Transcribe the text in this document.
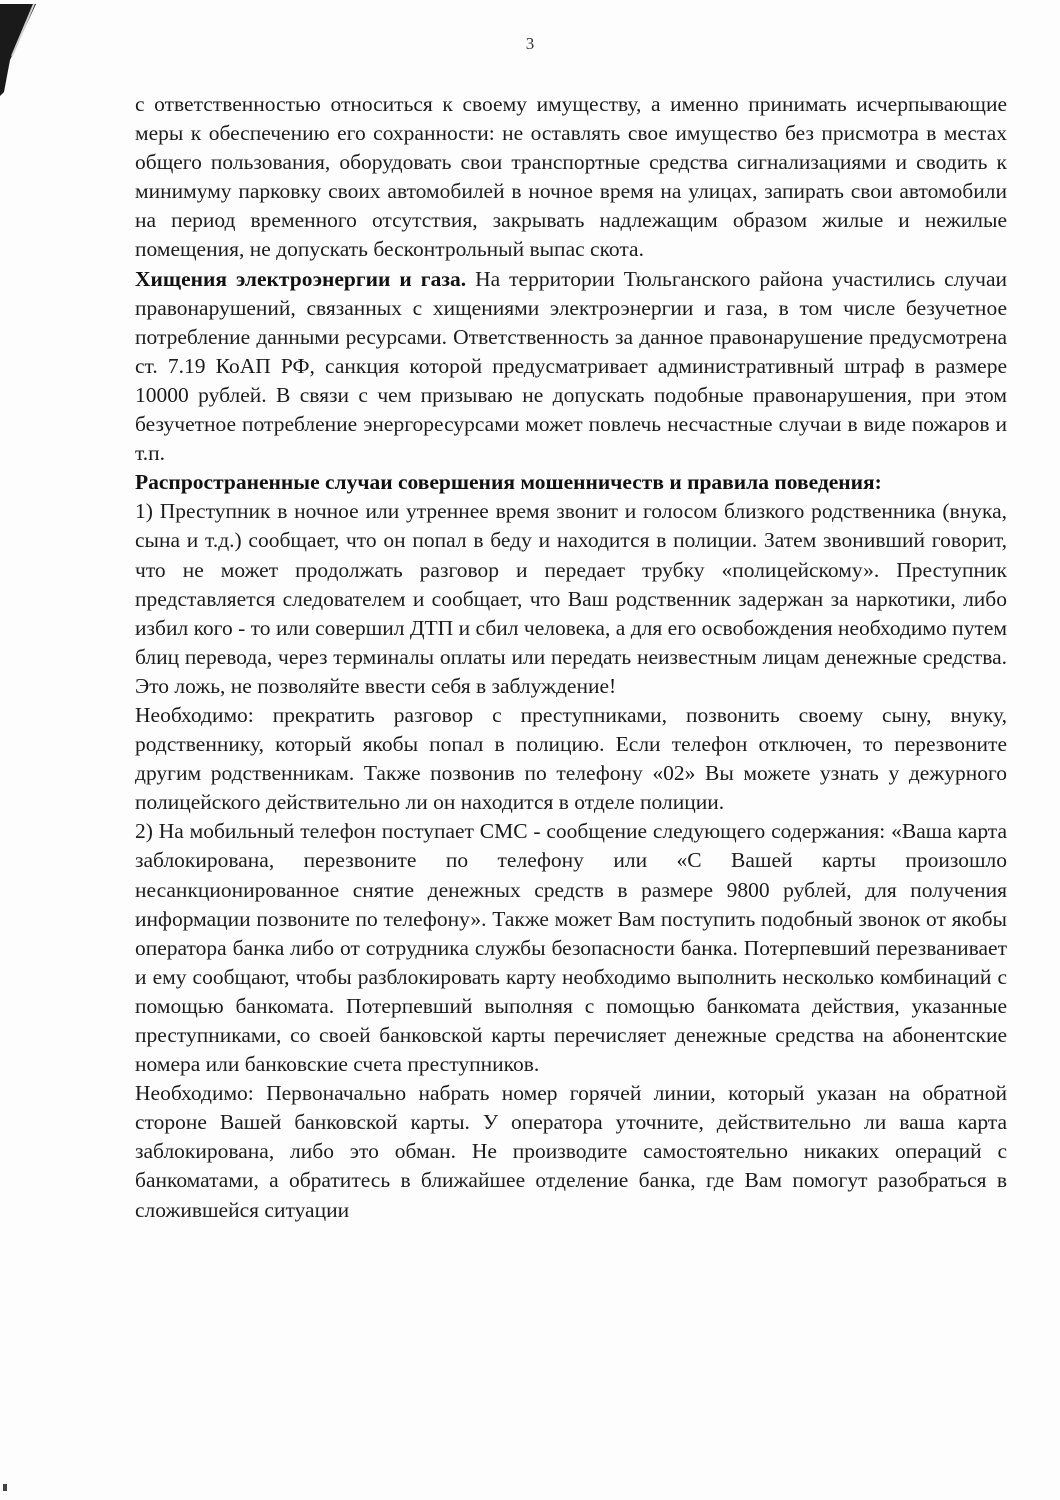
3

с ответственностью относиться к своему имуществу, а именно принимать исчерпывающие меры к обеспечению его сохранности: не оставлять свое имущество без присмотра в местах общего пользования, оборудовать свои транспортные средства сигнализациями и сводить к минимуму парковку своих автомобилей в ночное время на улицах, запирать свои автомобили на период временного отсутствия, закрывать надлежащим образом жилые и нежилые помещения, не допускать бесконтрольный выпас скота.

Хищения электроэнергии и газа. На территории Тюльганского района участились случаи правонарушений, связанных с хищениями электроэнергии и газа, в том числе безучетное потребление данными ресурсами. Ответственность за данное правонарушение предусмотрена ст. 7.19 КоАП РФ, санкция которой предусматривает административный штраф в размере 10000 рублей. В связи с чем призываю не допускать подобные правонарушения, при этом безучетное потребление энергоресурсами может повлечь несчастные случаи в виде пожаров и т.п.

Распространенные случаи совершения мошенничеств и правила поведения:

1) Преступник в ночное или утреннее время звонит и голосом близкого родственника (внука, сына и т.д.) сообщает, что он попал в беду и находится в полиции. Затем звонивший говорит, что не может продолжать разговор и передает трубку «полицейскому». Преступник представляется следователем и сообщает, что Ваш родственник задержан за наркотики, либо избил кого - то или совершил ДТП и сбил человека, а для его освобождения необходимо путем блиц перевода, через терминалы оплаты или передать неизвестным лицам денежные средства. Это ложь, не позволяйте ввести себя в заблуждение!

Необходимо: прекратить разговор с преступниками, позвонить своему сыну, внуку, родственнику, который якобы попал в полицию. Если телефон отключен, то перезвоните другим родственникам. Также позвонив по телефону «02» Вы можете узнать у дежурного полицейского действительно ли он находится в отделе полиции.

2) На мобильный телефон поступает СМС - сообщение следующего содержания: «Ваша карта заблокирована, перезвоните по телефону или «С Вашей карты произошло несанкционированное снятие денежных средств в размере 9800 рублей, для получения информации позвоните по телефону». Также может Вам поступить подобный звонок от якобы оператора банка либо от сотрудника службы безопасности банка. Потерпевший перезванивает и ему сообщают, чтобы разблокировать карту необходимо выполнить несколько комбинаций с помощью банкомата. Потерпевший выполняя с помощью банкомата действия, указанные преступниками, со своей банковской карты перечисляет денежные средства на абонентские номера или банковские счета преступников.

Необходимо: Первоначально набрать номер горячей линии, который указан на обратной стороне Вашей банковской карты. У оператора уточните, действительно ли ваша карта заблокирована, либо это обман. Не производите самостоятельно никаких операций с банкоматами, а обратитесь в ближайшее отделение банка, где Вам помогут разобраться в сложившейся ситуации
